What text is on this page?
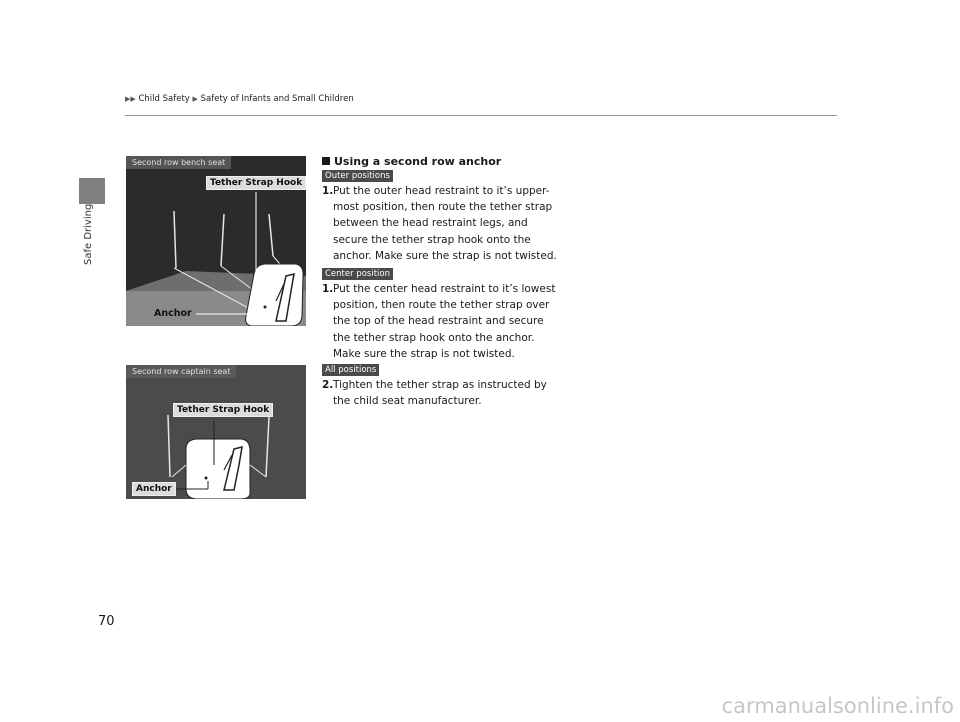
▶▶ Child Safety ▶ Safety of Infants and Small Children
Safe Driving
Second row bench seat
Tether Strap Hook
Anchor
Second row captain seat
Tether Strap Hook
Anchor
Using a second row anchor
Outer positions
1. Put the outer head restraint to it’s upper-most position, then route the tether strap between the head restraint legs, and secure the tether strap hook onto the anchor. Make sure the strap is not twisted.
Center position
1. Put the center head restraint to it’s lowest position, then route the tether strap over the top of the head restraint and secure the tether strap hook onto the anchor. Make sure the strap is not twisted.
All positions
2. Tighten the tether strap as instructed by the child seat manufacturer.
70
carmanualsonline.info
